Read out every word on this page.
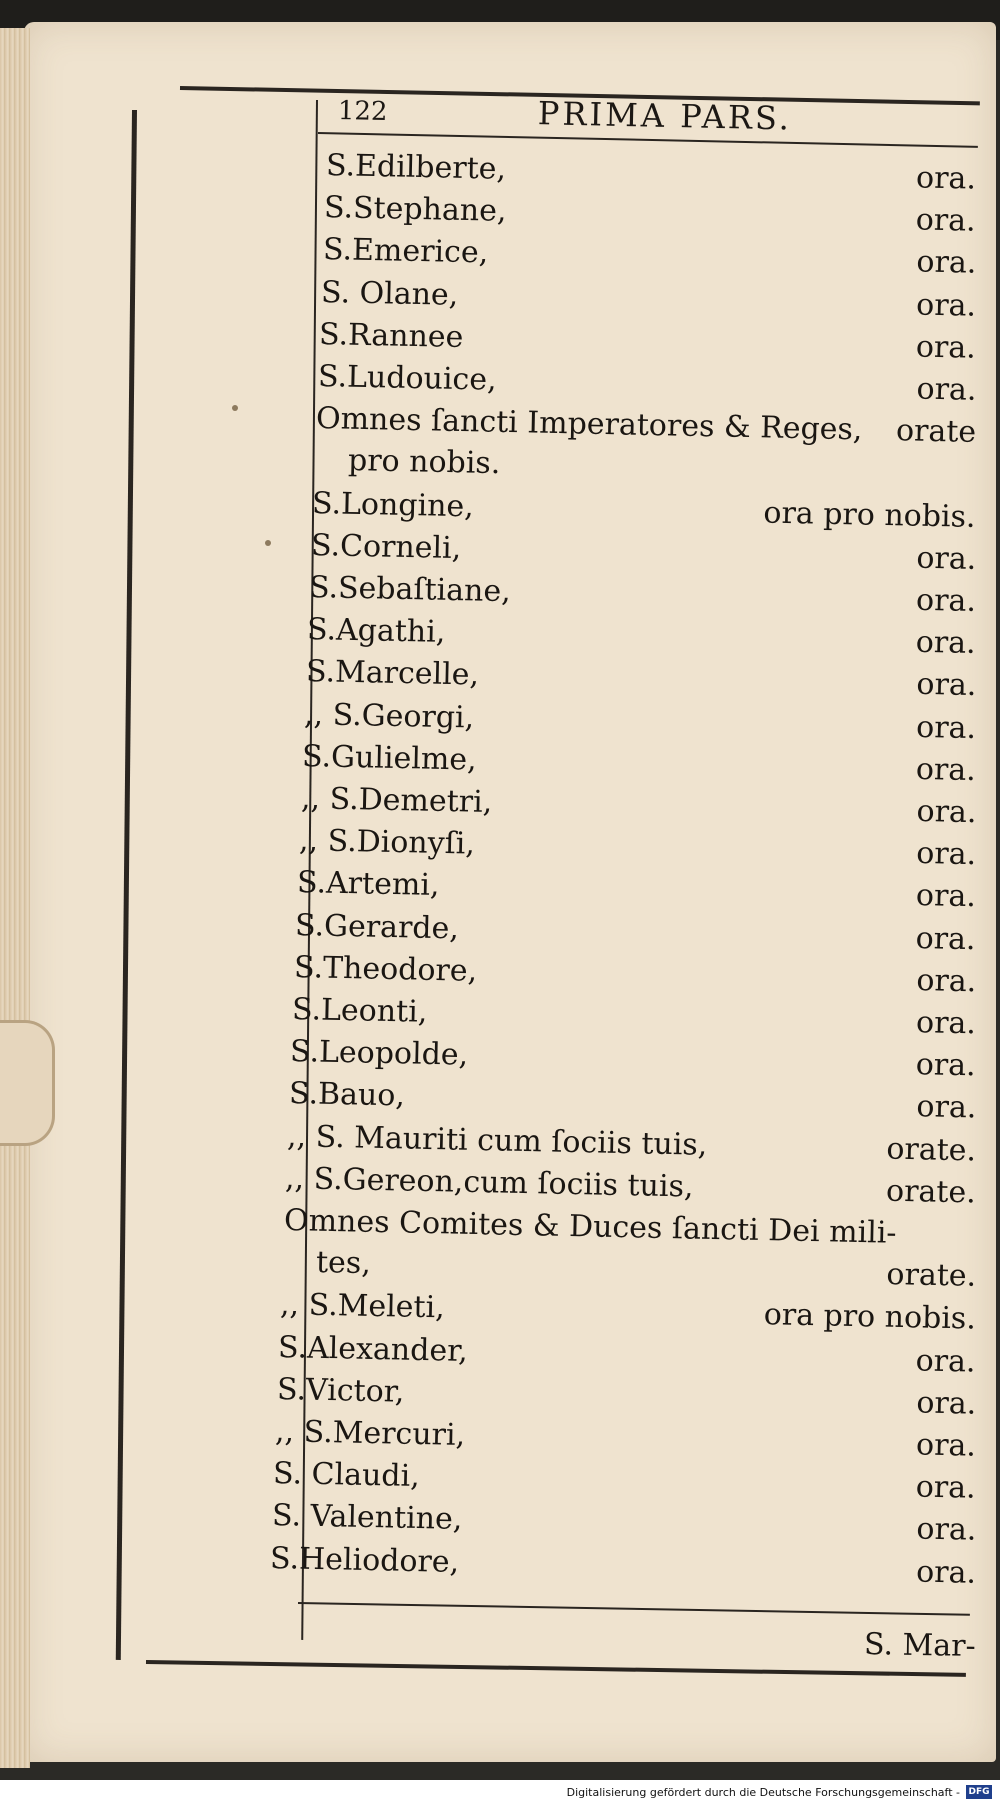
122	PRIMA PARS.
S.Edilberte,	ora.
S.Stephane,	ora.
S.Emerice,	ora.
S. Olane,	ora.
S.Rannee	ora.
S.Ludouice,	ora.
Omnes ſancti Imperatores & Reges, orate
pro nobis.
S.Longine,	ora pro nobis.
S.Corneli,	ora.
S.Sebaſtiane,	ora.
S.Agathi,	ora.
S.Marcelle,	ora.
,, S.Georgi,	ora.
S.Gulielme,	ora.
,, S.Demetri,	ora.
,, S.Dionyſi,	ora.
S.Artemi,	ora.
S.Gerarde,	ora.
S.Theodore,	ora.
S.Leonti,	ora.
S.Leopolde,	ora.
S.Bauo,	ora.
,, S. Mauriti cum ſociis tuis,	orate.
,, S.Gereon,cum ſociis tuis,	orate.
Omnes Comites & Duces ſancti Dei mili-
tes,	orate.
,, S.Meleti,	ora pro nobis.
S.Alexander,	ora.
S.Victor,	ora.
,, S.Mercuri,	ora.
S. Claudi,	ora.
S. Valentine,	ora.
S.Heliodore,	ora.
S. Mar-
Digitalisierung gefördert durch die Deutsche Forschungsgemeinschaft - DFG
